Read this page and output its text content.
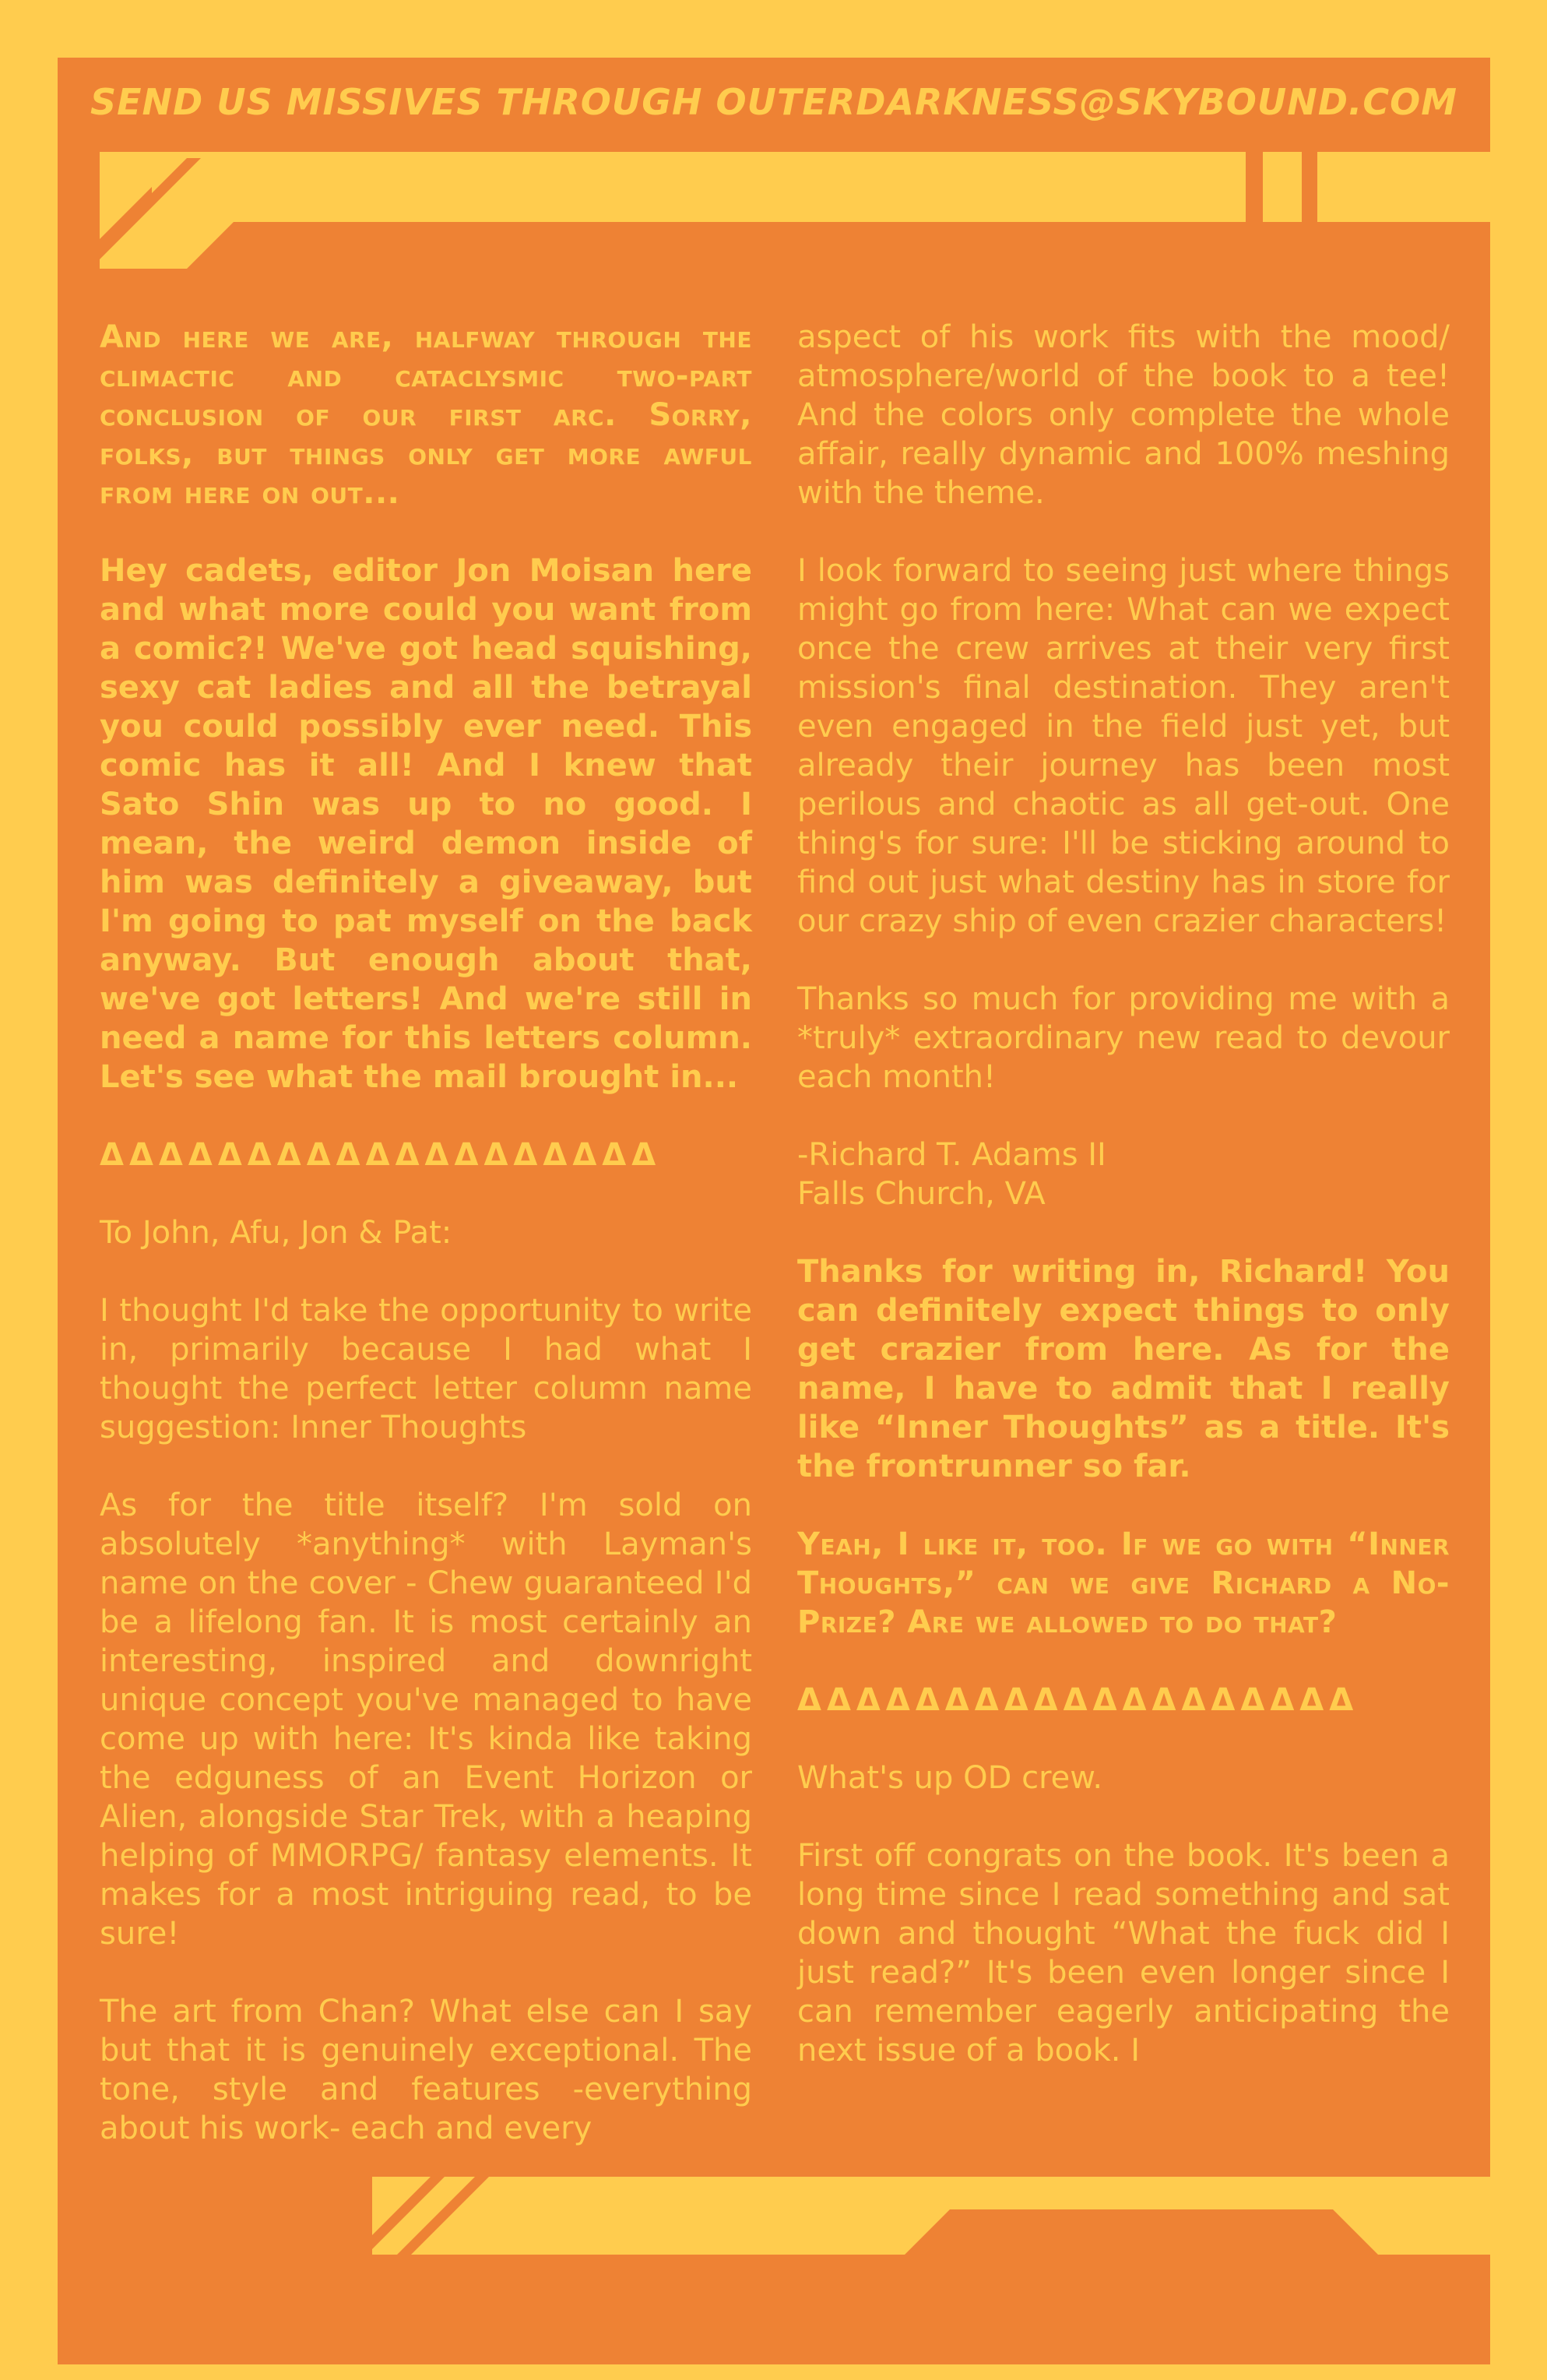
SEND US MISSIVES THROUGH OUTERDARKNESS@SKYBOUND.COM

And here we are, halfway through the climactic and cataclysmic two-part conclusion of our first arc. Sorry, folks, but things only get more awful from here on out...

Hey cadets, editor Jon Moisan here and what more could you want from a comic?! We've got head squishing, sexy cat ladies and all the betrayal you could possibly ever need. This comic has it all! And I knew that Sato Shin was up to no good. I mean, the weird demon inside of him was definitely a giveaway, but I'm going to pat myself on the back anyway. But enough about that, we've got letters! And we're still in need a name for this letters column. Let's see what the mail brought in...

ΔΔΔΔΔΔΔΔΔΔΔΔΔΔΔΔΔΔΔ

To John, Afu, Jon & Pat:

I thought I'd take the opportunity to write in, primarily because I had what I thought the perfect letter column name suggestion: Inner Thoughts

As for the title itself? I'm sold on absolutely *anything* with Layman's name on the cover - Chew guaranteed I'd be a lifelong fan. It is most certainly an interesting, inspired and downright unique concept you've managed to have come up with here: It's kinda like taking the edguness of an Event Horizon or Alien, alongside Star Trek, with a heaping helping of MMORPG/ fantasy elements. It makes for a most intriguing read, to be sure!

The art from Chan? What else can I say but that it is genuinely exceptional. The tone, style and features -everything about his work- each and every

aspect of his work fits with the mood/ atmosphere/world of the book to a tee! And the colors only complete the whole affair, really dynamic and 100% meshing with the theme.

I look forward to seeing just where things might go from here: What can we expect once the crew arrives at their very first mission's final destination. They aren't even engaged in the field just yet, but already their journey has been most perilous and chaotic as all get-out. One thing's for sure: I'll be sticking around to find out just what destiny has in store for our crazy ship of even crazier characters!

Thanks so much for providing me with a *truly* extraordinary new read to devour each month!

-Richard T. Adams II
Falls Church, VA

Thanks for writing in, Richard! You can definitely expect things to only get crazier from here. As for the name, I have to admit that I really like “Inner Thoughts” as a title. It's the frontrunner so far.

Yeah, I like it, too. If we go with “Inner Thoughts,” can we give Richard a No-Prize? Are we allowed to do that?

ΔΔΔΔΔΔΔΔΔΔΔΔΔΔΔΔΔΔΔ

What's up OD crew.

First off congrats on the book. It's been a long time since I read something and sat down and thought “What the fuck did I just read?” It's been even longer since I can remember eagerly anticipating the next issue of a book. I
